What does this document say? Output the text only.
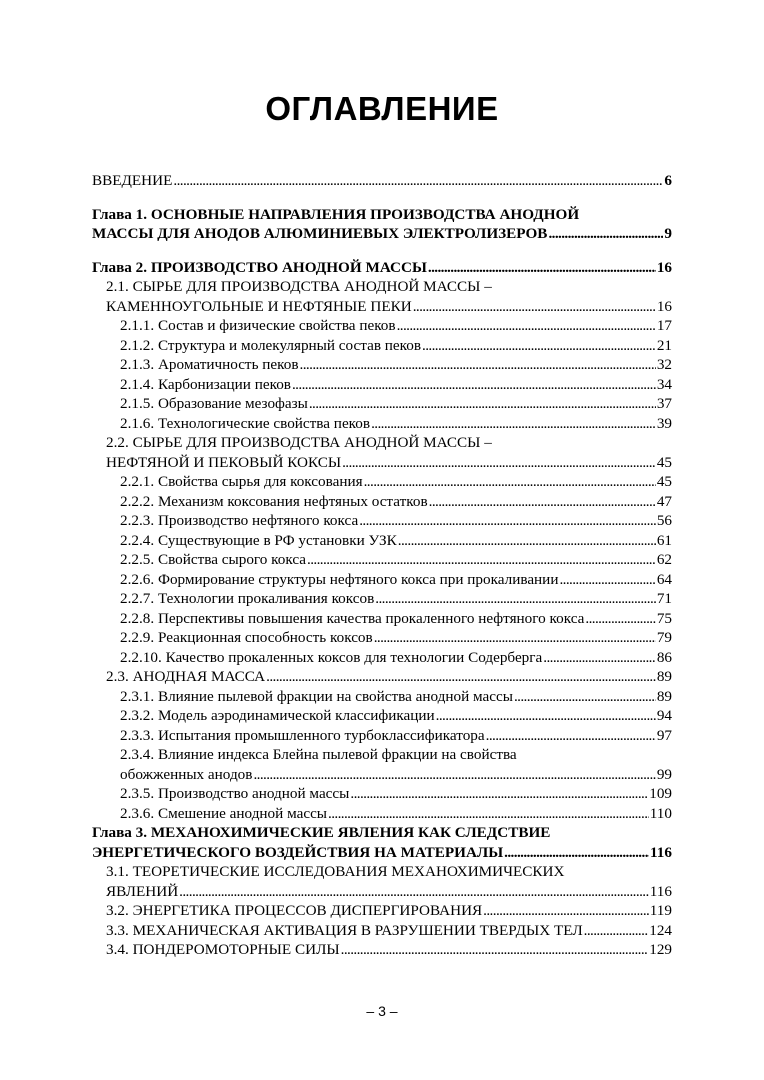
ОГЛАВЛЕНИЕ
ВВЕДЕНИЕ . . .	6
Глава 1. ОСНОВНЫЕ НАПРАВЛЕНИЯ ПРОИЗВОДСТВА АНОДНОЙ
МАССЫ ДЛЯ АНОДОВ АЛЮМИНИЕВЫХ ЭЛЕКТРОЛИЗЕРОВ . . .	9
Глава 2. ПРОИЗВОДСТВО АНОДНОЙ МАССЫ . . .	16
2.1. СЫРЬЕ ДЛЯ ПРОИЗВОДСТВА АНОДНОЙ МАССЫ –
КАМЕННОУГОЛЬНЫЕ И НЕФТЯНЫЕ ПЕКИ . . .	16
2.1.1. Состав и физические свойства пеков . . .	17
2.1.2. Структура и молекулярный состав пеков . . .	21
2.1.3. Ароматичность пеков . . .	32
2.1.4. Карбонизации пеков . . .	34
2.1.5. Образование мезофазы . . .	37
2.1.6. Технологические свойства пеков . . .	39
2.2. СЫРЬЕ ДЛЯ ПРОИЗВОДСТВА АНОДНОЙ МАССЫ –
НЕФТЯНОЙ И ПЕКОВЫЙ КОКСЫ . . .	45
2.2.1. Свойства сырья для коксования . . .	45
2.2.2. Механизм коксования нефтяных остатков . . .	47
2.2.3. Производство нефтяного кокса . . .	56
2.2.4. Существующие в РФ установки УЗК . . .	61
2.2.5. Свойства сырого кокса . . .	62
2.2.6. Формирование структуры нефтяного кокса при прокаливании . . .	64
2.2.7. Технологии прокаливания коксов . . .	71
2.2.8. Перспективы повышения качества прокаленного нефтяного кокса . . .	75
2.2.9. Реакционная способность коксов . . .	79
2.2.10. Качество прокаленных коксов для технологии Содерберга . . .	86
2.3. АНОДНАЯ МАССА . . .	89
2.3.1. Влияние пылевой фракции на свойства анодной массы . . .	89
2.3.2. Модель аэродинамической классификации . . .	94
2.3.3. Испытания промышленного турбоклассификатора . . .	97
2.3.4. Влияние индекса Блейна пылевой фракции на свойства
обожженных анодов . . .	99
2.3.5. Производство анодной массы . . .	109
2.3.6. Смешение анодной массы . . .	110
Глава 3. МЕХАНОХИМИЧЕСКИЕ ЯВЛЕНИЯ КАК СЛЕДСТВИЕ
ЭНЕРГЕТИЧЕСКОГО ВОЗДЕЙСТВИЯ НА МАТЕРИАЛЫ . . .	116
3.1. ТЕОРЕТИЧЕСКИЕ ИССЛЕДОВАНИЯ МЕХАНОХИМИЧЕСКИХ
ЯВЛЕНИЙ . . .	116
3.2. ЭНЕРГЕТИКА ПРОЦЕССОВ ДИСПЕРГИРОВАНИЯ . . .	119
3.3. МЕХАНИЧЕСКАЯ АКТИВАЦИЯ В РАЗРУШЕНИИ ТВЕРДЫХ ТЕЛ . . .	124
3.4. ПОНДЕРОМОТОРНЫЕ СИЛЫ . . .	129
– 3 –
